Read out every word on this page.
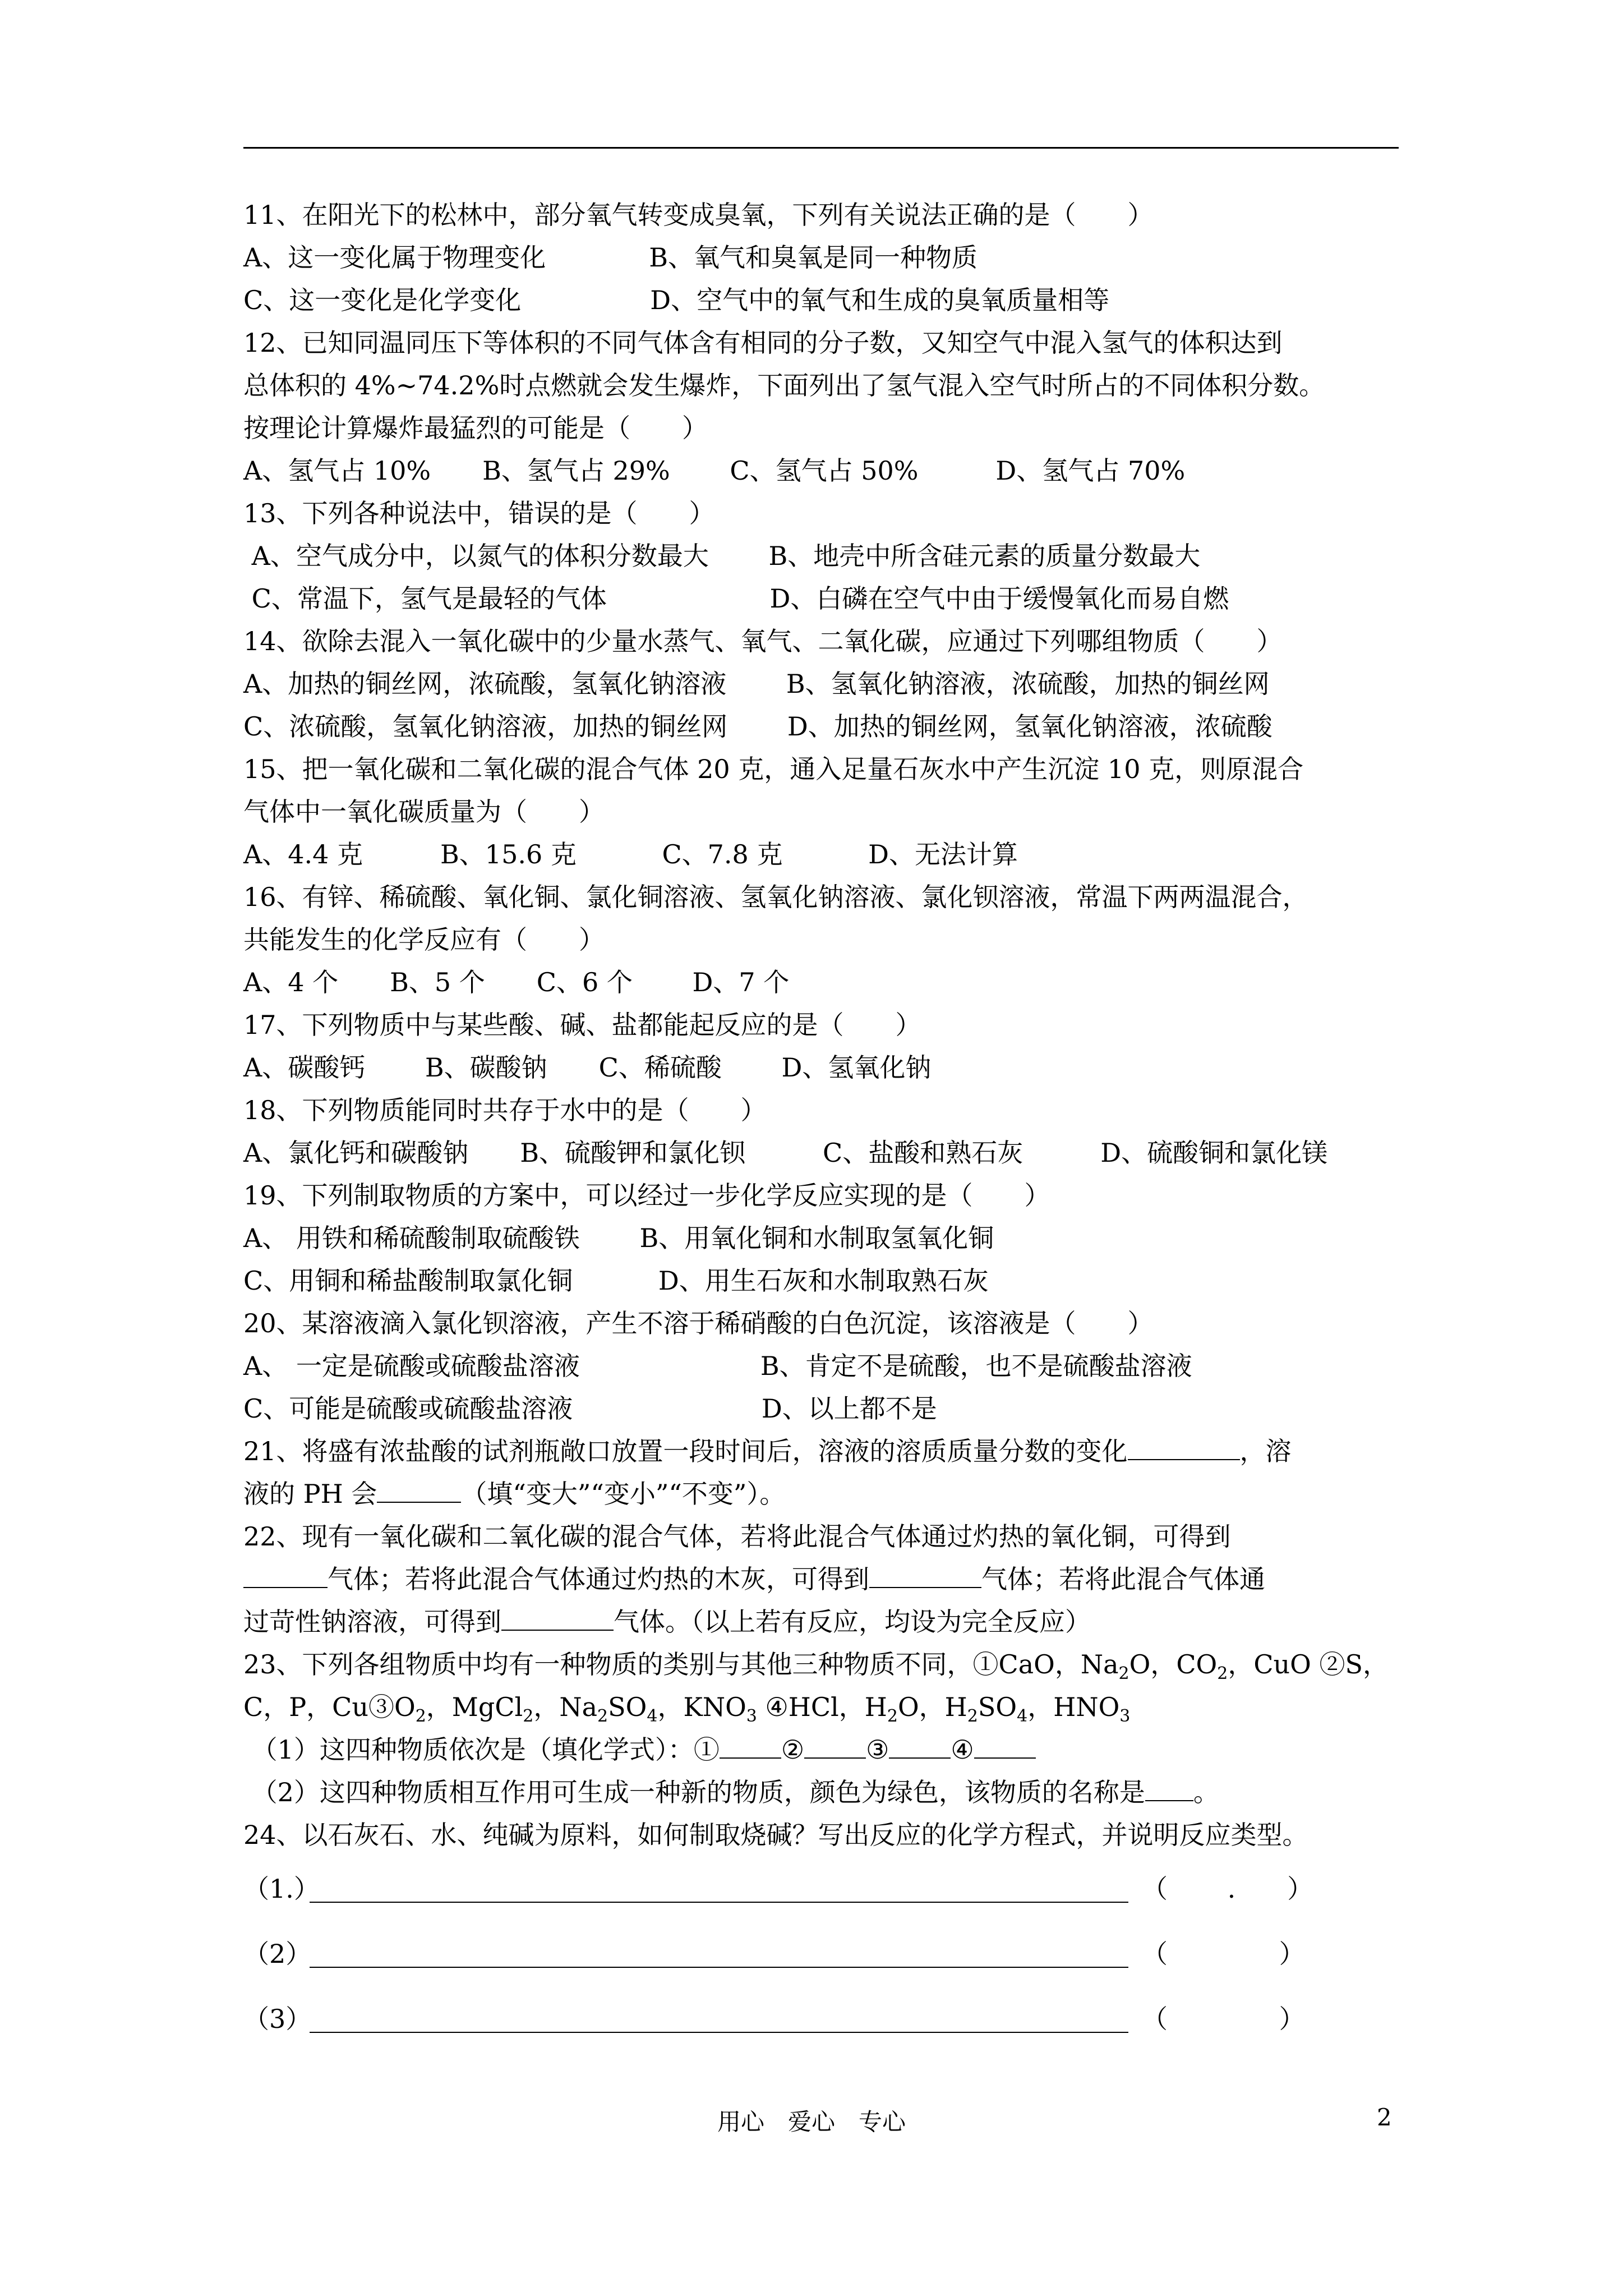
11、在阳光下的松林中，部分氧气转变成臭氧，下列有关说法正确的是（　　）
A、这一变化属于物理变化　　　　B、氧气和臭氧是同一种物质
C、这一变化是化学变化　　　　　D、空气中的氧气和生成的臭氧质量相等
12、已知同温同压下等体积的不同气体含有相同的分子数，又知空气中混入氢气的体积达到
总体积的 4%~74.2%时点燃就会发生爆炸，下面列出了氢气混入空气时所占的不同体积分数。
按理论计算爆炸最猛烈的可能是（　　）
A、氢气占 10%　　B、氢气占 29%　　 C、氢气占 50%　　　D、氢气占 70%
13、下列各种说法中，错误的是（　　）
A、空气成分中，以氮气的体积分数最大　　 B、地壳中所含硅元素的质量分数最大
C、常温下，氢气是最轻的气体　　　　　　 D、白磷在空气中由于缓慢氧化而易自燃
14、欲除去混入一氧化碳中的少量水蒸气、氧气、二氧化碳，应通过下列哪组物质（　　）
A、加热的铜丝网，浓硫酸，氢氧化钠溶液　　 B、氢氧化钠溶液，浓硫酸，加热的铜丝网
C、浓硫酸，氢氧化钠溶液，加热的铜丝网　　 D、加热的铜丝网，氢氧化钠溶液，浓硫酸
15、把一氧化碳和二氧化碳的混合气体 20 克，通入足量石灰水中产生沉淀 10 克，则原混合
气体中一氧化碳质量为（　　）
A、4.4 克　　　B、15.6 克　　　 C、7.8 克　　　 D、无法计算
16、有锌、稀硫酸、氧化铜、氯化铜溶液、氢氧化钠溶液、氯化钡溶液，常温下两两温混合，
共能发生的化学反应有（　　）
A、4 个　　B、5 个　　C、6 个　　 D、7 个
17、下列物质中与某些酸、碱、盐都能起反应的是（　　）
A、碳酸钙　　 B、碳酸钠　　C、稀硫酸　　 D、氢氧化钠
18、下列物质能同时共存于水中的是（　　）
A、氯化钙和碳酸钠　　B、硫酸钾和氯化钡　　　C、盐酸和熟石灰　　　D、硫酸铜和氯化镁
19、下列制取物质的方案中，可以经过一步化学反应实现的是（　　）
A、 用铁和稀硫酸制取硫酸铁　　 B、用氧化铜和水制取氢氧化铜
C、用铜和稀盐酸制取氯化铜　　　 D、用生石灰和水制取熟石灰
20、某溶液滴入氯化钡溶液，产生不溶于稀硝酸的白色沉淀，该溶液是（　　）
A、 一定是硫酸或硫酸盐溶液　　　　　　　B、肯定不是硫酸，也不是硫酸盐溶液
C、可能是硫酸或硫酸盐溶液　　　　　　　 D、以上都不是
21、将盛有浓盐酸的试剂瓶敞口放置一段时间后，溶液的溶质质量分数的变化	，溶
液的 PH 会	（填“变大”“变小”“不变”）。
22、现有一氧化碳和二氧化碳的混合气体，若将此混合气体通过灼热的氧化铜，可得到
气体；若将此混合气体通过灼热的木灰，可得到	气体；若将此混合气体通
过苛性钠溶液，可得到	气体。（以上若有反应，均设为完全反应）
23、下列各组物质中均有一种物质的类别与其他三种物质不同，①CaO，$Na_2O$，$CO_2$，CuO ②S，
C，P，$Cu③O_2$，MgCl$_2$，$Na_2SO_4$，$KNO_3$ ④HCl，$H_2O$，$H_2SO_4$，$HNO_3$
（1）这四种物质依次是（填化学式）：① ② ③ ④
（2）这四种物质相互作用可生成一种新的物质，颜色为绿色，该物质的名称是 。
24、以石灰石、水、纯碱为原料，如何制取烧碱？写出反应的化学方程式，并说明反应类型。
（1.）	（　　 .　　）
（2）	（　　　　 ）
（3）	（　　　　 ）
用心　爱心　专心	2
